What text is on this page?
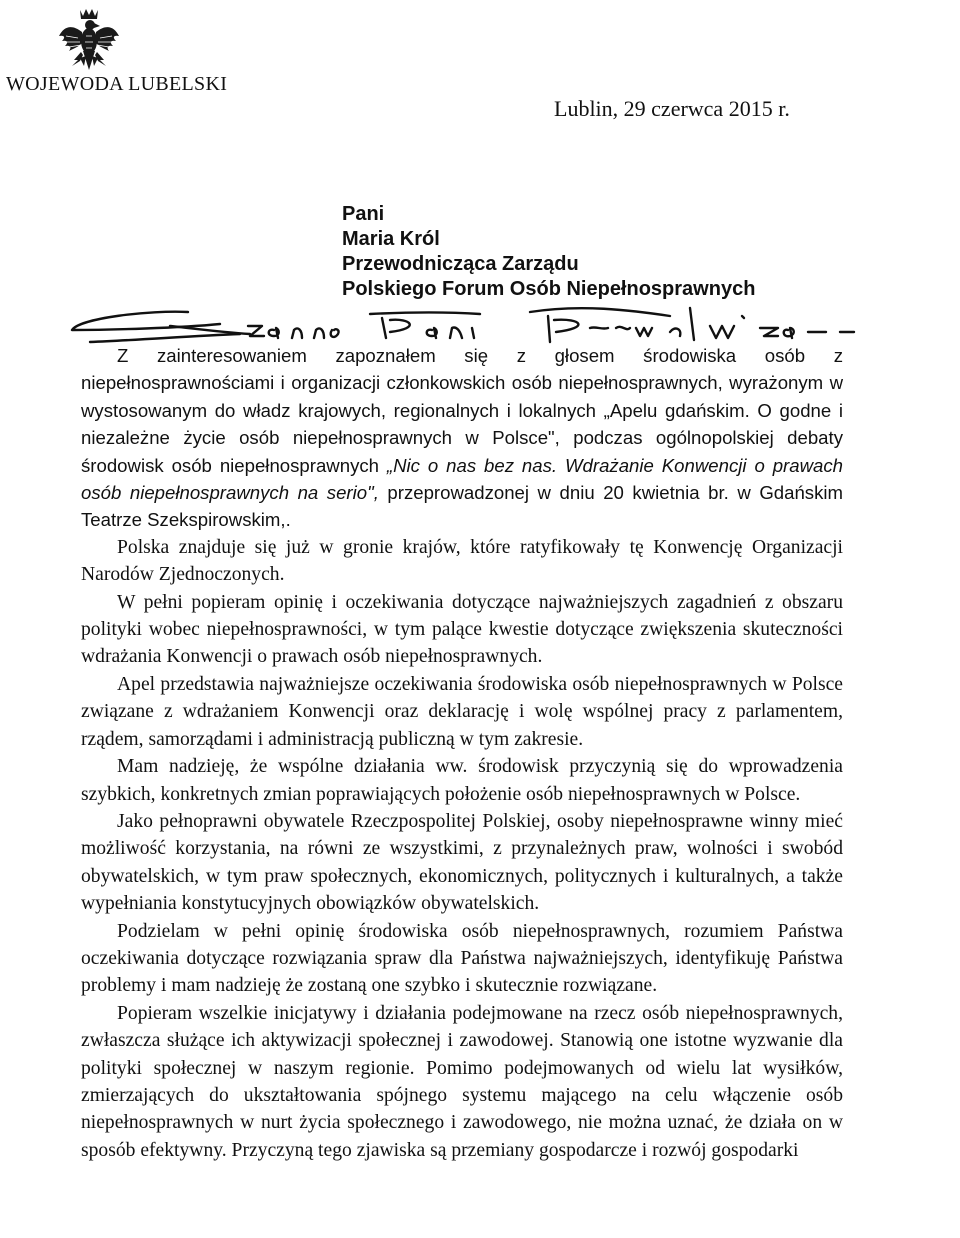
WOJEWODA LUBELSKI
Lublin, 29 czerwca 2015 r.
Pani
Maria Król
Przewodnicząca Zarządu
Polskiego Forum Osób Niepełnosprawnych

Z zainteresowaniem zapoznałem się z głosem środowiska osób z niepełnosprawnościami i organizacji członkowskich osób niepełnosprawnych, wyrażonym w wystosowanym do władz krajowych, regionalnych i lokalnych „Apelu gdańskim. O godne i niezależne życie osób niepełnosprawnych w Polsce", podczas ogólnopolskiej debaty środowisk osób niepełnosprawnych „Nic o nas bez nas. Wdrażanie Konwencji o prawach osób niepełnosprawnych na serio", przeprowadzonej w dniu 20 kwietnia br. w Gdańskim Teatrze Szekspirowskim,.

Polska znajduje się już w gronie krajów, które ratyfikowały tę Konwencję Organizacji Narodów Zjednoczonych.

W pełni popieram opinię i oczekiwania dotyczące najważniejszych zagadnień z obszaru polityki wobec niepełnosprawności, w tym palące kwestie dotyczące zwiększenia skuteczności wdrażania Konwencji o prawach osób niepełnosprawnych.

Apel przedstawia najważniejsze oczekiwania środowiska osób niepełnosprawnych w Polsce związane z wdrażaniem Konwencji oraz deklarację i wolę wspólnej pracy z parlamentem, rządem, samorządami i administracją publiczną w tym zakresie.

Mam nadzieję, że wspólne działania ww. środowisk przyczynią się do wprowadzenia szybkich, konkretnych zmian poprawiających położenie osób niepełnosprawnych w Polsce.

Jako pełnoprawni obywatele Rzeczpospolitej Polskiej, osoby niepełnosprawne winny mieć możliwość korzystania, na równi ze wszystkimi, z przynależnych praw, wolności i swobód obywatelskich, w tym praw społecznych, ekonomicznych, politycznych i kulturalnych, a także wypełniania konstytucyjnych obowiązków obywatelskich.

Podzielam w pełni opinię środowiska osób niepełnosprawnych, rozumiem Państwa oczekiwania dotyczące rozwiązania spraw dla Państwa najważniejszych, identyfikuję Państwa problemy i mam nadzieję że zostaną one szybko i skutecznie rozwiązane.

Popieram wszelkie inicjatywy i działania podejmowane na rzecz osób niepełnosprawnych, zwłaszcza służące ich aktywizacji społecznej i zawodowej. Stanowią one istotne wyzwanie dla polityki społecznej w naszym regionie. Pomimo podejmowanych od wielu lat wysiłków, zmierzających do ukształtowania spójnego systemu mającego na celu włączenie osób niepełnosprawnych w nurt życia społecznego i zawodowego, nie można uznać, że działa on w sposób efektywny. Przyczyną tego zjawiska są przemiany gospodarcze i rozwój gospodarki
